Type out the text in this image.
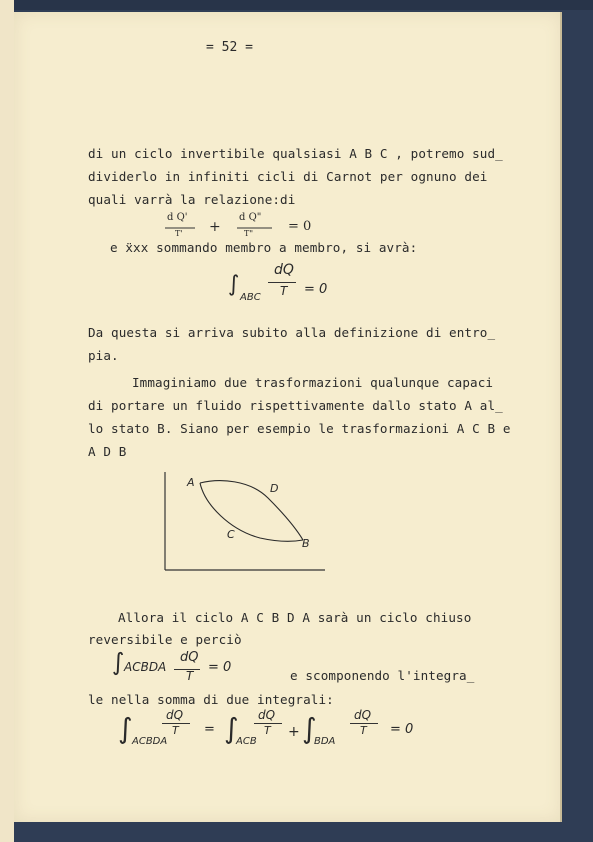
= 52 =
di un ciclo invertibile qualsiasi A B C , potremo sud_
dividerlo in infiniti cicli di Carnot per ognuno dei
quali varrà la relazione:di
d Q'
T' +
d Q"
T"	= 0
e ẍxx sommando membro a membro, si avrà:
∫
ABC
dQ
T = 0
Da questa si arriva subito alla definizione di entro_
pia.
Immaginiamo due trasformazioni qualunque capaci
di portare un fluido rispettivamente dallo stato A al_
lo stato B. Siano per esempio le trasformazioni A C B e
A D B
A	D
C
B
Allora il ciclo A C B D A sarà un ciclo chiuso
reversibile e perciò
∫ ACBDA
dQ
T
= 0
e scomponendo l'integra_
le nella somma di due integrali:
∫ ACBDA
dQ
T = ∫
ACB
dQ
T + ∫
BDA
dQ
T = 0
